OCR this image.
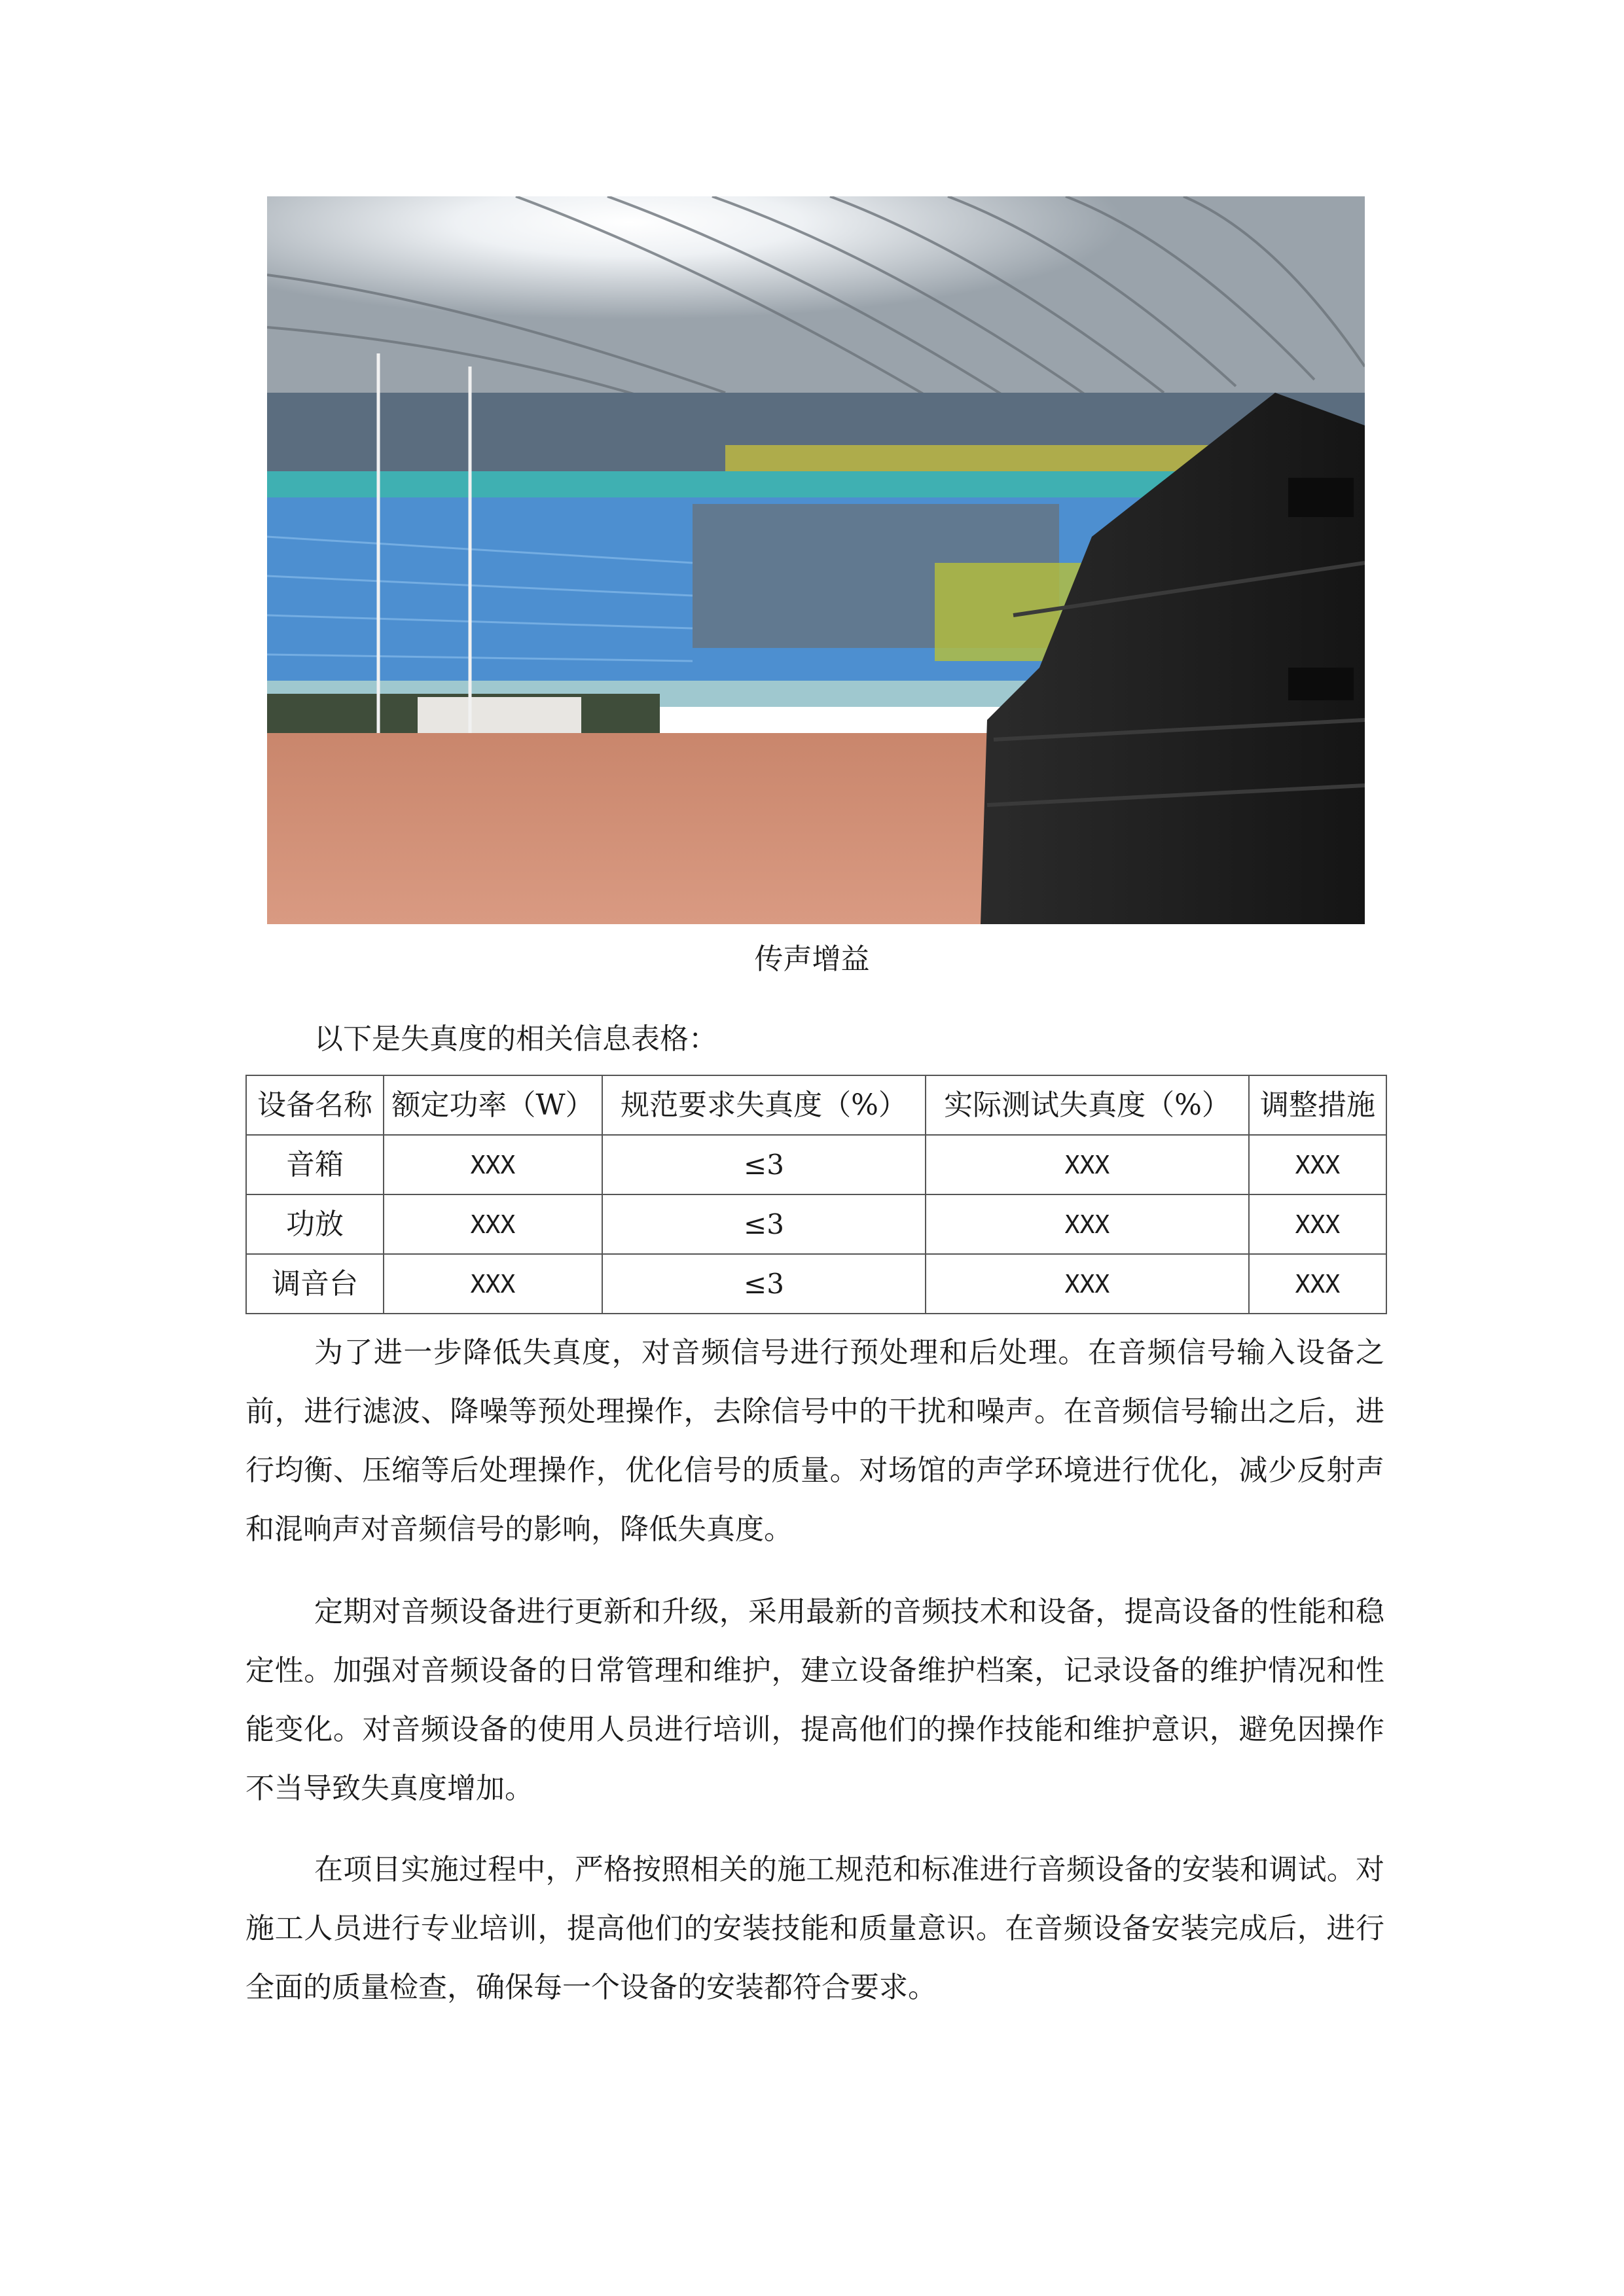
传声增益
以下是失真度的相关信息表格：
设备名称	额定功率（W）	规范要求失真度（%）	实际测试失真度（%）	调整措施
音箱	XXX	≤3	XXX	XXX
功放	XXX	≤3	XXX	XXX
调音台	XXX	≤3	XXX	XXX

为了进一步降低失真度，对音频信号进行预处理和后处理。在音频信号输入设备之前，进行滤波、降噪等预处理操作，去除信号中的干扰和噪声。在音频信号输出之后，进行均衡、压缩等后处理操作，优化信号的质量。对场馆的声学环境进行优化，减少反射声和混响声对音频信号的影响，降低失真度。

定期对音频设备进行更新和升级，采用最新的音频技术和设备，提高设备的性能和稳定性。加强对音频设备的日常管理和维护，建立设备维护档案，记录设备的维护情况和性能变化。对音频设备的使用人员进行培训，提高他们的操作技能和维护意识，避免因操作不当导致失真度增加。

在项目实施过程中，严格按照相关的施工规范和标准进行音频设备的安装和调试。对施工人员进行专业培训，提高他们的安装技能和质量意识。在音频设备安装完成后，进行全面的质量检查，确保每一个设备的安装都符合要求。
